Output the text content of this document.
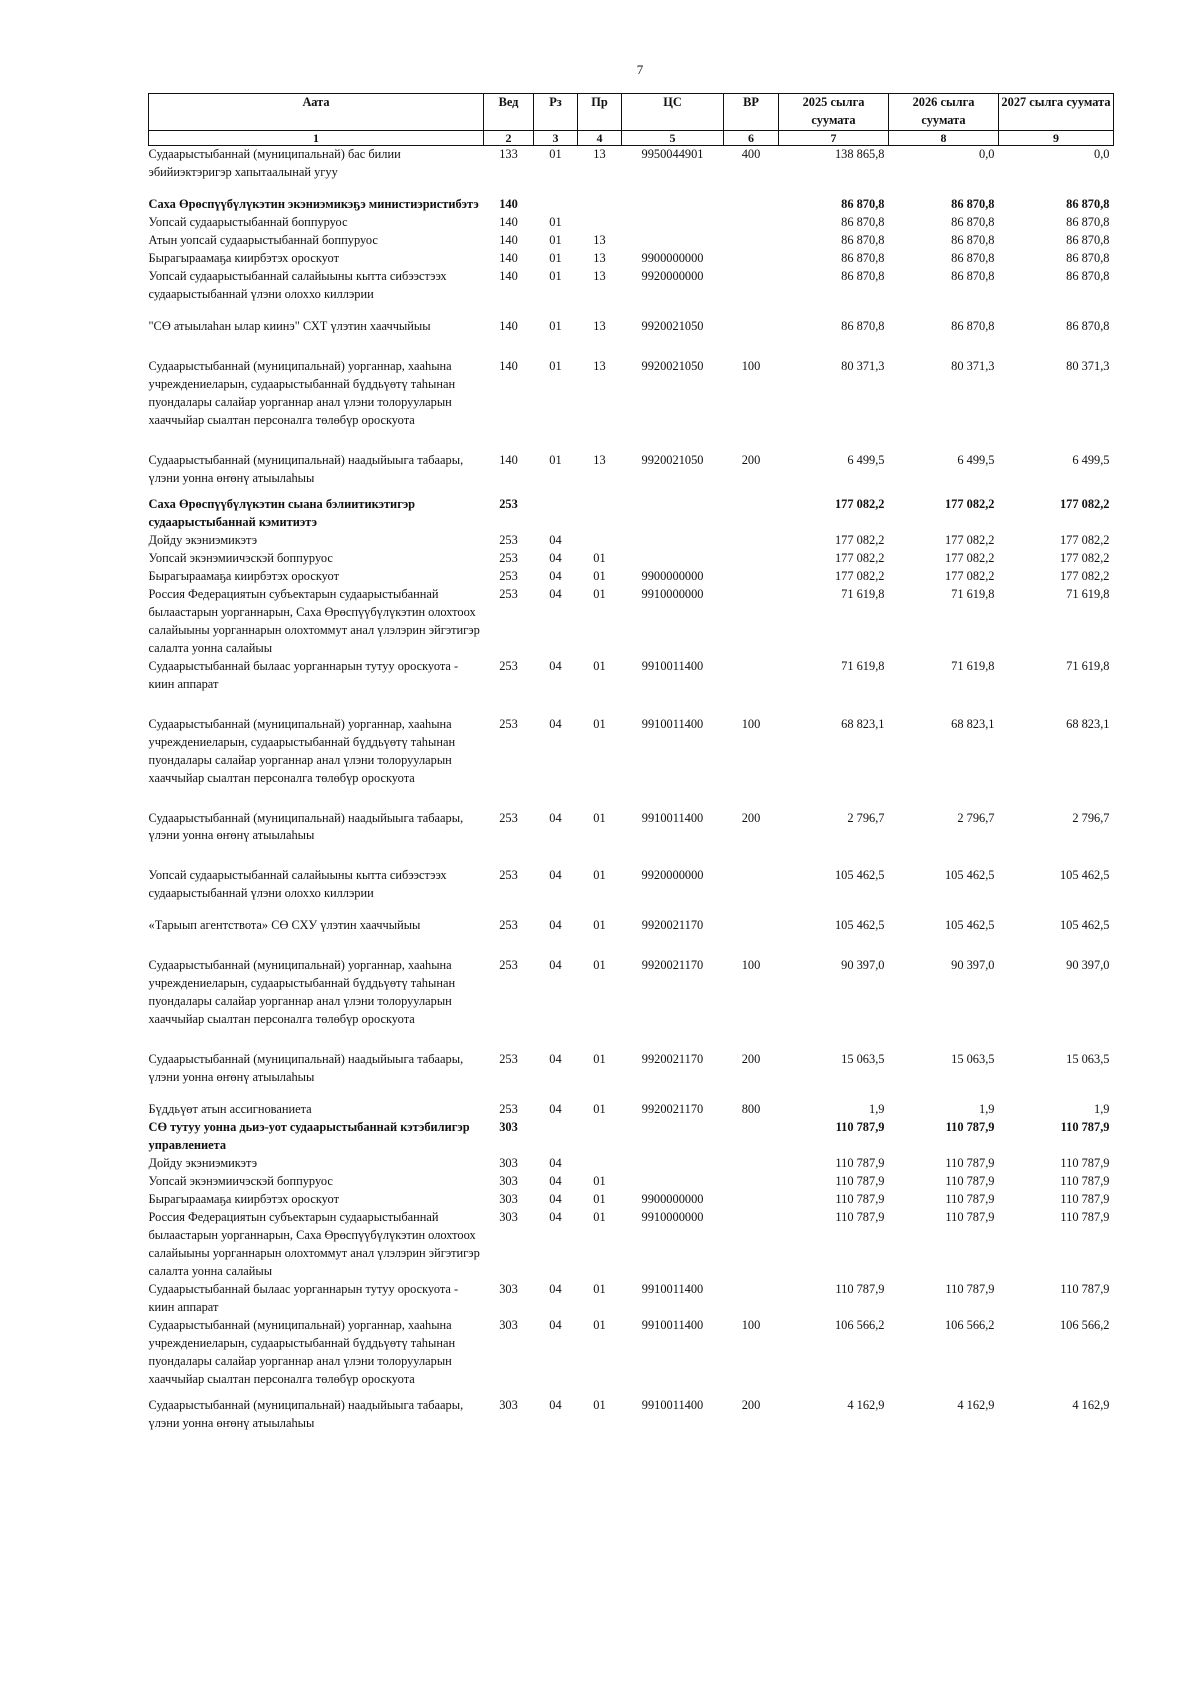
7
Аата	Вед	Рз	Пр	ЦС	ВР	2025 сылга суумата	2026 сылга суумата	2027 сылга суумата
1	2	3	4	5	6	7	8	9
Судаарыстыбаннай (муниципальнай) бас билии эбийиэктэригэр хапытаалынай угуу	133	01	13	9950044901	400	138 865,8	0,0	0,0
Саха Өрөспүүбүлүкэтин экэниэмикэҕэ министиэристибэтэ	140					86 870,8	86 870,8	86 870,8
Уопсай судаарыстыбаннай боппуруос	140	01				86 870,8	86 870,8	86 870,8
Атын уопсай судаарыстыбаннай боппуруос	140	01	13			86 870,8	86 870,8	86 870,8
Бырагыраамаҕа киирбэтэх ороскуот	140	01	13	9900000000		86 870,8	86 870,8	86 870,8
Уопсай судаарыстыбаннай салайыыны кытта сибээстээх судаарыстыбаннай үлэни олоххо киллэрии	140	01	13	9920000000		86 870,8	86 870,8	86 870,8
"СӨ атыылаһан ылар киинэ" СХТ үлэтин хааччыйыы	140	01	13	9920021050		86 870,8	86 870,8	86 870,8
Судаарыстыбаннай (муниципальнай) уорганнар, хааһына учреждениеларын, судаарыстыбаннай бүддьүөтү таһынан пуондалары салайар уорганнар анал үлэни толорууларын хааччыйар сыалтан персоналга төлөбүр ороскуота	140	01	13	9920021050	100	80 371,3	80 371,3	80 371,3
Судаарыстыбаннай (муниципальнай) наадыйыыга табаары, үлэни уонна өҥөнү атыылаһыы	140	01	13	9920021050	200	6 499,5	6 499,5	6 499,5
Саха Өрөспүүбүлүкэтин сыана бэлиитикэтигэр судаарыстыбаннай кэмитиэтэ	253					177 082,2	177 082,2	177 082,2
Дойду экэниэмикэтэ	253	04				177 082,2	177 082,2	177 082,2
Уопсай экэнэмиичэскэй боппуруос	253	04	01			177 082,2	177 082,2	177 082,2
Бырагыраамаҕа киирбэтэх ороскуот	253	04	01	9900000000		177 082,2	177 082,2	177 082,2
Россия Федерациятын субъектарын судаарыстыбаннай былаастарын уорганнарын, Саха Өрөспүүбүлүкэтин олохтоох салайыыны уорганнарын олохтоммут анал үлэлэрин эйгэтигэр салалта уонна салайыы	253	04	01	9910000000		71 619,8	71 619,8	71 619,8
Судаарыстыбаннай былаас уорганнарын тутуу ороскуота - киин аппарат	253	04	01	9910011400		71 619,8	71 619,8	71 619,8
Судаарыстыбаннай (муниципальнай) уорганнар, хааһына учреждениеларын, судаарыстыбаннай бүддьүөтү таһынан пуондалары салайар уорганнар анал үлэни толорууларын хааччыйар сыалтан персоналга төлөбүр ороскуота	253	04	01	9910011400	100	68 823,1	68 823,1	68 823,1
Судаарыстыбаннай (муниципальнай) наадыйыыга табаары, үлэни уонна өҥөнү атыылаһыы	253	04	01	9910011400	200	2 796,7	2 796,7	2 796,7
Уопсай судаарыстыбаннай салайыыны кытта сибээстээх судаарыстыбаннай үлэни олоххо киллэрии	253	04	01	9920000000		105 462,5	105 462,5	105 462,5
«Тарыып агентствота» СӨ СХУ үлэтин хааччыйыы	253	04	01	9920021170		105 462,5	105 462,5	105 462,5
Судаарыстыбаннай (муниципальнай) уорганнар, хааһына учреждениеларын, судаарыстыбаннай бүддьүөтү таһынан пуондалары салайар уорганнар анал үлэни толорууларын хааччыйар сыалтан персоналга төлөбүр ороскуота	253	04	01	9920021170	100	90 397,0	90 397,0	90 397,0
Судаарыстыбаннай (муниципальнай) наадыйыыга табаары, үлэни уонна өҥөнү атыылаһыы	253	04	01	9920021170	200	15 063,5	15 063,5	15 063,5
Бүддьүөт атын ассигнованиета	253	04	01	9920021170	800	1,9	1,9	1,9
СӨ тутуу уонна дьиэ-уот судаарыстыбаннай кэтэбилигэр управлениета	303					110 787,9	110 787,9	110 787,9
Дойду экэниэмикэтэ	303	04				110 787,9	110 787,9	110 787,9
Уопсай экэнэмиичэскэй боппуруос	303	04	01			110 787,9	110 787,9	110 787,9
Бырагыраамаҕа киирбэтэх ороскуот	303	04	01	9900000000		110 787,9	110 787,9	110 787,9
Россия Федерациятын субъектарын судаарыстыбаннай былаастарын уорганнарын, Саха Өрөспүүбүлүкэтин олохтоох салайыыны уорганнарын олохтоммут анал үлэлэрин эйгэтигэр салалта уонна салайыы	303	04	01	9910000000		110 787,9	110 787,9	110 787,9
Судаарыстыбаннай былаас уорганнарын тутуу ороскуота - киин аппарат	303	04	01	9910011400		110 787,9	110 787,9	110 787,9
Судаарыстыбаннай (муниципальнай) уорганнар, хааһына учреждениеларын, судаарыстыбаннай бүддьүөтү таһынан пуондалары салайар уорганнар анал үлэни толорууларын хааччыйар сыалтан персоналга төлөбүр ороскуота	303	04	01	9910011400	100	106 566,2	106 566,2	106 566,2
Судаарыстыбаннай (муниципальнай) наадыйыыга табаары, үлэни уонна өҥөнү атыылаһыы	303	04	01	9910011400	200	4 162,9	4 162,9	4 162,9
